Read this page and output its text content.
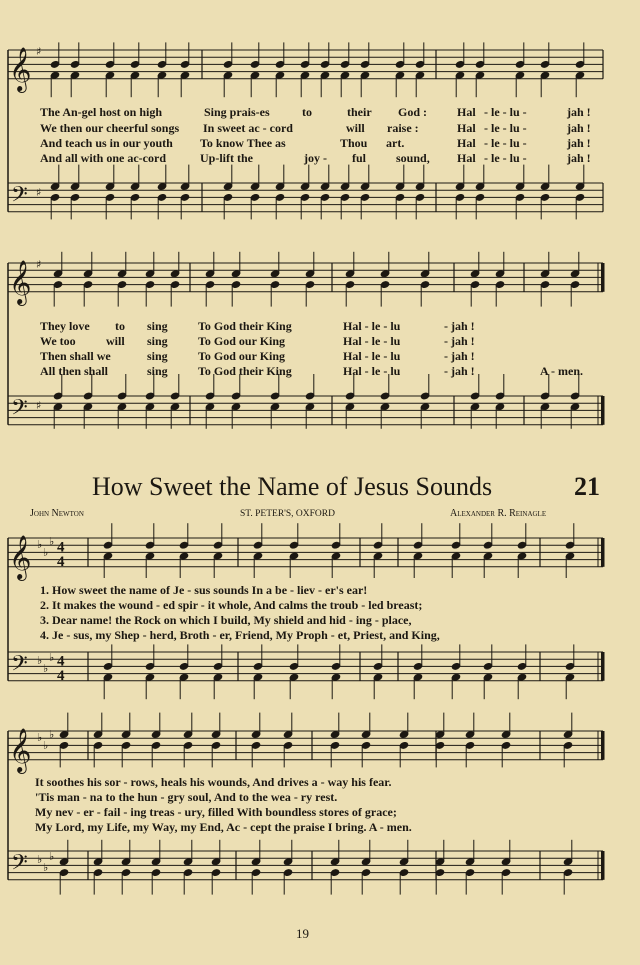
𝄞
𝄢
♯
♯
𝄞
𝄢
♯
♯
𝄞
𝄢
♭
♭
♭
♭
♭
♭
4
4
4
4
𝄞
𝄢
♭
♭
♭
♭
♭
♭

The An-gel host on high

	Sing prais-es

	to

	their

God :

Hal

- le - lu -

	jah !

We then our cheerful songs

In sweet ac - cord

	will

raise :

	Hal

- le - lu -

	jah !

And teach us in our youth

To know Thee as

	Thou

art.

	Hal

- le - lu -

	jah !

And all with one ac-cord

	Up-lift the

	joy -

ful

sound,

Hal

- le - lu -

	jah !

They love

to

sing

	To God their King

	Hal - le - lu

	- jah !

We too

	will

sing

	To God our King

	Hal - le - lu

	- jah !

Then shall we

	sing

	To God our King

	Hal - le - lu

	- jah !

All then shall

	sing

	To God their King

	Hal - le - lu

	- jah !

	A - men.

How Sweet the Name of Jesus Sounds	21
John Newton	ST. PETER'S, OXFORD	Alexander R. Reinagle
1. How sweet the name of Je - sus sounds In a be - liev - er's ear!
2. It makes the wound - ed spir - it whole, And calms the troub - led breast;
3. Dear name! the Rock on which I build, My shield and hid - ing - place,
4. Je - sus, my Shep - herd, Broth - er, Friend, My Proph - et, Priest, and King,
It soothes his sor - rows, heals his wounds, And drives a - way his fear.
'Tis man - na to the hun - gry soul, And to the wea - ry rest.
My nev - er - fail - ing treas - ury, filled With boundless stores of grace;
My Lord, my Life, my Way, my End, Ac - cept the praise I bring. A - men.
19
